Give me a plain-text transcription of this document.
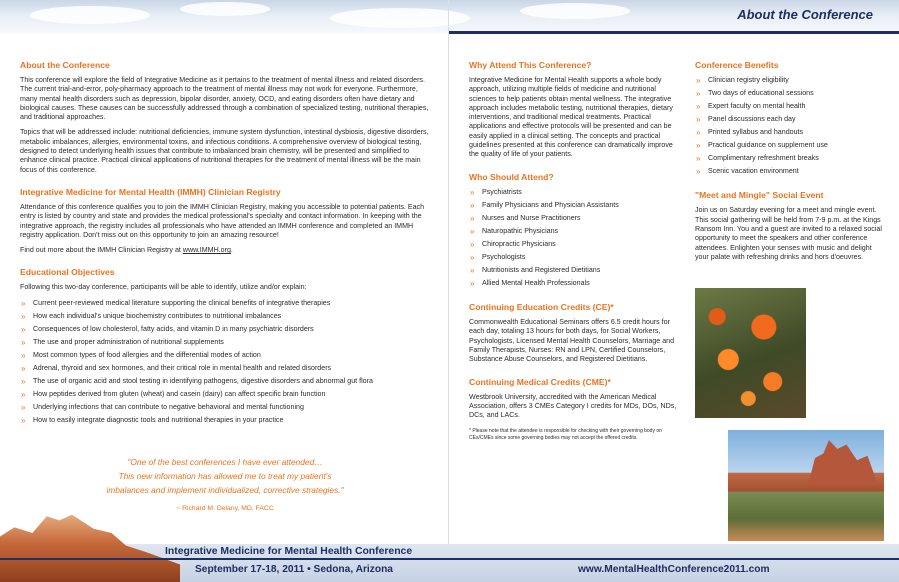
About the Conference
About the Conference

This conference will explore the field of Integrative Medicine as it pertains to the treatment of mental illness and related disorders. The current trial-and-error, poly-pharmacy approach to the treatment of mental illness may not work for everyone. Furthermore, many mental health disorders such as depression, bipolar disorder, anxiety, OCD, and eating disorders often have dietary and biological causes. These causes can be successfully addressed through a combination of specialized testing, nutritional therapies, and traditional approaches.

Topics that will be addressed include: nutritional deficiencies, immune system dysfunction, intestinal dysbiosis, digestive disorders, metabolic imbalances, allergies, environmental toxins, and infectious conditions. A comprehensive overview of biological testing, designed to detect underlying health issues that contribute to imbalanced brain chemistry, will be presented and simplified to enhance clinical practice. Practical clinical applications of nutritional therapies for the treatment of mental illness will be the main focus of this conference.

Integrative Medicine for Mental Health (IMMH) Clinician Registry

Attendance of this conference qualifies you to join the IMMH Clinician Registry, making you accessible to potential patients. Each entry is listed by country and state and provides the medical professional's specialty and contact information. In keeping with the integrative approach, the registry includes all professionals who have attended an IMMH conference and completed an IMMH registry application. Don't miss out on this opportunity to join an amazing resource!

Find out more about the IMMH Clinician Registry at www.IMMH.org.

Educational Objectives

Following this two-day conference, participants will be able to identify, utilize and/or explain:

» Current peer-reviewed medical literature supporting the clinical benefits of integrative therapies
» How each individual's unique biochemistry contributes to nutritional imbalances
» Consequences of low cholesterol, fatty acids, and vitamin D in many psychiatric disorders
» The use and proper administration of nutritional supplements
» Most common types of food allergies and the differential modes of action
» Adrenal, thyroid and sex hormones, and their critical role in mental health and related disorders
» The use of organic acid and stool testing in identifying pathogens, digestive disorders and abnormal gut flora
» How peptides derived from gluten (wheat) and casein (dairy) can affect specific brain function
» Underlying infections that can contribute to negative behavioral and mental functioning
» How to easily integrate diagnostic tools and nutritional therapies in your practice
"One of the best conferences I have ever attended…
This new information has allowed me to treat my patient's
imbalances and implement individualized, corrective strategies."
~ Richard M. Delany, MD, FACC
Why Attend This Conference?

Integrative Medicine for Mental Health supports a whole body approach, utilizing multiple fields of medicine and nutritional sciences to help patients obtain mental wellness. The integrative approach includes metabolic testing, nutritional therapies, dietary interventions, and traditional medical treatments. Practical applications and effective protocols will be presented and can be easily applied in a clinical setting. The concepts and practical guidelines presented at this conference can dramatically improve the quality of life of your patients.

Who Should Attend?
» Psychiatrists
» Family Physicians and Physician Assistants
» Nurses and Nurse Practitioners
» Naturopathic Physicians
» Chiropractic Physicians
» Psychologists
» Nutritionists and Registered Dietitians
» Allied Mental Health Professionals
Continuing Education Credits (CE)*

Commonwealth Educational Seminars offers 6.5 credit hours for each day, totaling 13 hours for both days, for Social Workers, Psychologists, Licensed Mental Health Counselors, Marriage and Family Therapists, Nurses: RN and LPN, Certified Counselors, Substance Abuse Counselors, and Registered Dietitians.

Continuing Medical Credits (CME)*

Westbrook University, accredited with the American Medical Association, offers 3 CMEs Category I credits for MDs, DOs, NDs, DCs, and LACs.

* Please note that the attendee is responsible for checking with their governing body on CEs/CMEs since some governing bodies may not accept the offered credits.

Conference Benefits
» Clinician registry eligibility
» Two days of educational sessions
» Expert faculty on mental health
» Panel discussions each day
» Printed syllabus and handouts
» Practical guidance on supplement use
» Complimentary refreshment breaks
» Scenic vacation environment
"Meet and Mingle" Social Event

Join us on Saturday evening for a meet and mingle event. This social gathering will be held from 7-9 p.m. at the Kings Ransom Inn. You and a guest are invited to a relaxed social opportunity to meet the speakers and other conference attendees. Enlighten your senses with music and delight your palate with refreshing drinks and hors d'oeuvres.

Integrative Medicine for Mental Health Conference
September 17-18, 2011 • Sedona, Arizona	www.MentalHealthConference2011.com
